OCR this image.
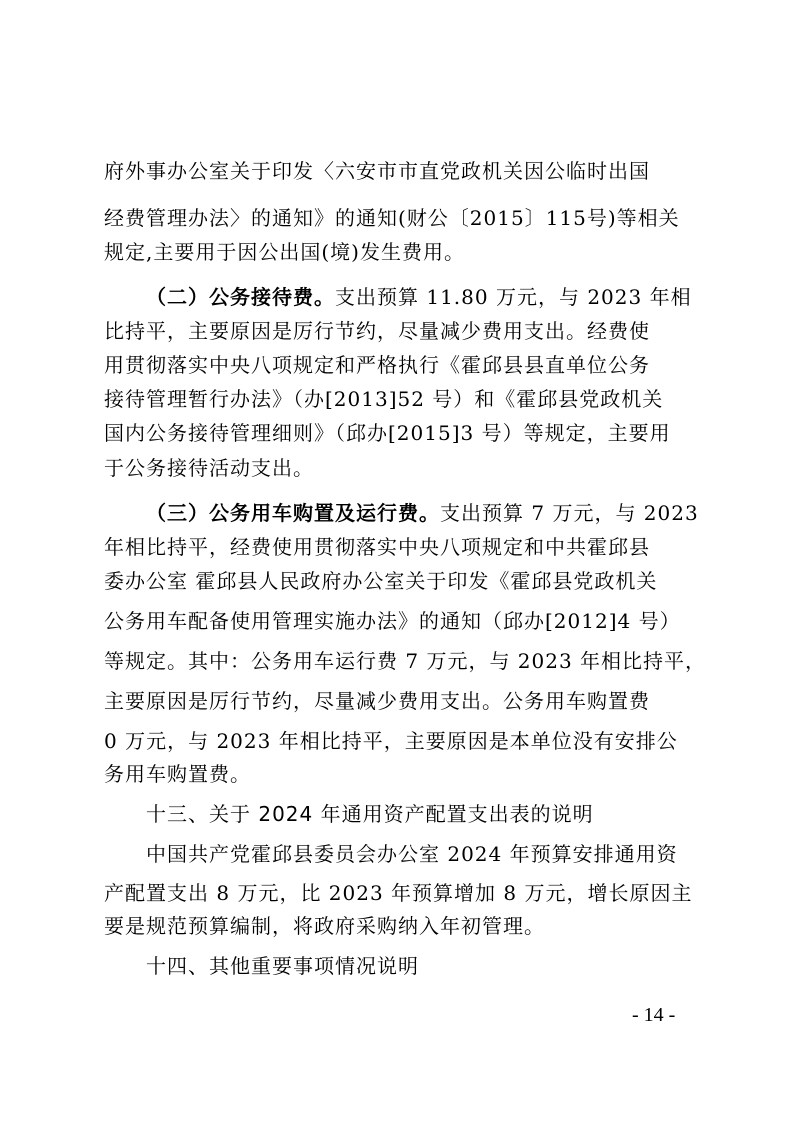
府外事办公室关于印发〈六安市市直党政机关因公临时出国
经费管理办法〉的通知》的通知(财公〔2015〕115号)等相关
规定,主要用于因公出国(境)发生费用。
（二）公务接待费。支出预算 11.80 万元，与 2023 年相
比持平，主要原因是厉行节约，尽量减少费用支出。经费使
用贯彻落实中央八项规定和严格执行《霍邱县县直单位公务
接待管理暂行办法》（办[2013]52 号）和《霍邱县党政机关
国内公务接待管理细则》（邱办[2015]3 号）等规定，主要用
于公务接待活动支出。
（三）公务用车购置及运行费。支出预算 7 万元，与 2023
年相比持平，经费使用贯彻落实中央八项规定和中共霍邱县
委办公室 霍邱县人民政府办公室关于印发《霍邱县党政机关
公务用车配备使用管理实施办法》的通知（邱办[2012]4 号）
等规定。其中：公务用车运行费 7 万元，与 2023 年相比持平，
主要原因是厉行节约，尽量减少费用支出。公务用车购置费
0 万元，与 2023 年相比持平，主要原因是本单位没有安排公
务用车购置费。
十三、关于 2024 年通用资产配置支出表的说明
中国共产党霍邱县委员会办公室 2024 年预算安排通用资
产配置支出 8 万元，比 2023 年预算增加 8 万元，增长原因主
要是规范预算编制，将政府采购纳入年初管理。
十四、其他重要事项情况说明
- 14 -
